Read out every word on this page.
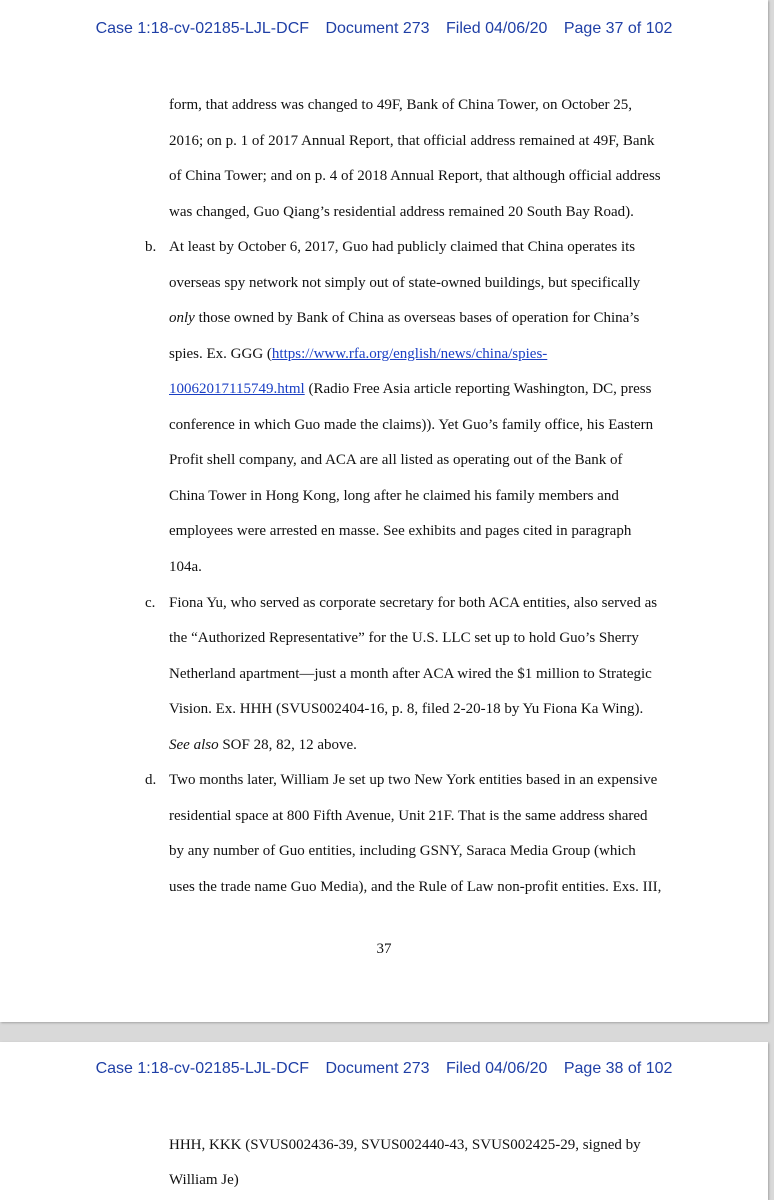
Case 1:18-cv-02185-LJL-DCF Document 273 Filed 04/06/20 Page 37 of 102
form, that address was changed to 49F, Bank of China Tower, on October 25,
2016; on p. 1 of 2017 Annual Report, that official address remained at 49F, Bank
of China Tower; and on p. 4 of 2018 Annual Report, that although official address
was changed, Guo Qiang’s residential address remained 20 South Bay Road).
b. At least by October 6, 2017, Guo had publicly claimed that China operates its
overseas spy network not simply out of state-owned buildings, but specifically
only those owned by Bank of China as overseas bases of operation for China’s
spies. Ex. GGG (https://www.rfa.org/english/news/china/spies-
10062017115749.html (Radio Free Asia article reporting Washington, DC, press
conference in which Guo made the claims)). Yet Guo’s family office, his Eastern
Profit shell company, and ACA are all listed as operating out of the Bank of
China Tower in Hong Kong, long after he claimed his family members and
employees were arrested en masse. See exhibits and pages cited in paragraph
104a.
c. Fiona Yu, who served as corporate secretary for both ACA entities, also served as
the “Authorized Representative” for the U.S. LLC set up to hold Guo’s Sherry
Netherland apartment—just a month after ACA wired the $1 million to Strategic
Vision. Ex. HHH (SVUS002404-16, p. 8, filed 2-20-18 by Yu Fiona Ka Wing).
See also SOF 28, 82, 12 above.
d. Two months later, William Je set up two New York entities based in an expensive
residential space at 800 Fifth Avenue, Unit 21F. That is the same address shared
by any number of Guo entities, including GSNY, Saraca Media Group (which
uses the trade name Guo Media), and the Rule of Law non-profit entities. Exs. III,
37
Case 1:18-cv-02185-LJL-DCF Document 273 Filed 04/06/20 Page 38 of 102
HHH, KKK (SVUS002436-39, SVUS002440-43, SVUS002425-29, signed by
William Je)
